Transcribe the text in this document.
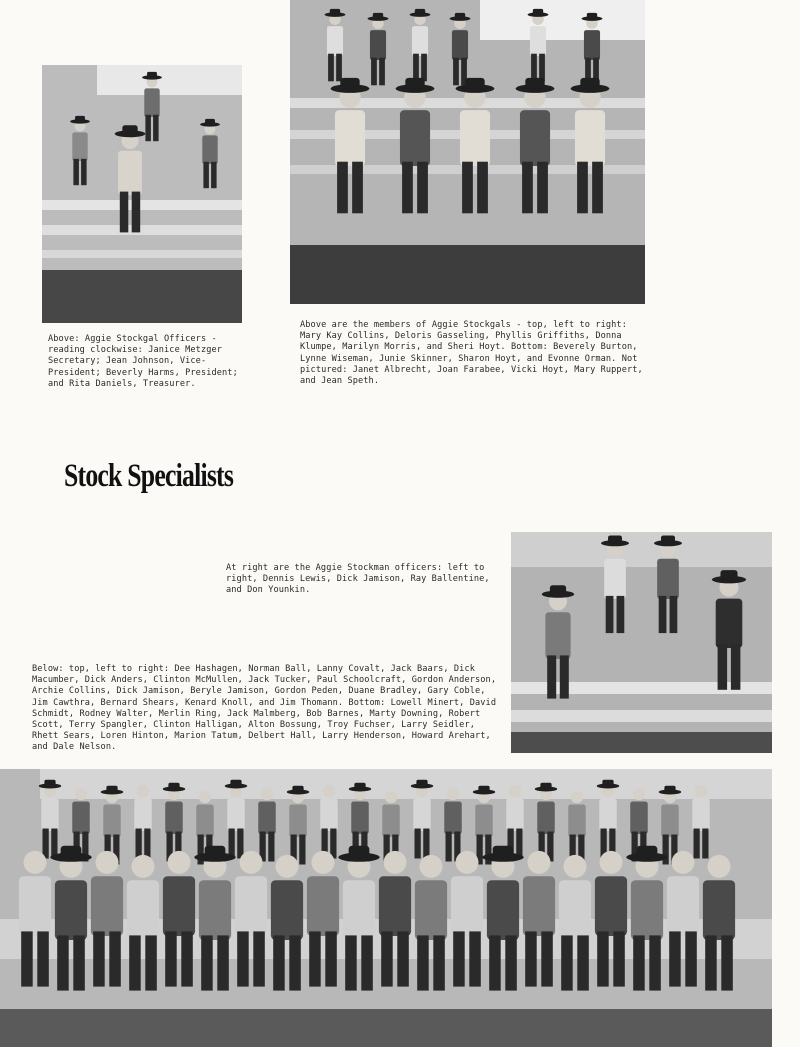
Above: Aggie Stockgal Officers - reading clockwise: Janice Metzger Secretary; Jean Johnson, Vice-President; Beverly Harms, President; and Rita Daniels, Treasurer.

Above are the members of Aggie Stockgals - top, left to right: Mary Kay Collins, Deloris Gasseling, Phyllis Griffiths, Donna Klumpe, Marilyn Morris, and Sheri Hoyt. Bottom: Beverely Burton, Lynne Wiseman, Junie Skinner, Sharon Hoyt, and Evonne Orman. Not pictured: Janet Albrecht, Joan Farabee, Vicki Hoyt, Mary Ruppert, and Jean Speth.

Stock Specialists

At right are the Aggie Stockman officers: left to right, Dennis Lewis, Dick Jamison, Ray Ballentine, and Don Younkin.

Below: top, left to right: Dee Hashagen, Norman Ball, Lanny Covalt, Jack Baars, Dick Macumber, Dick Anders, Clinton McMullen, Jack Tucker, Paul Schoolcraft, Gordon Anderson, Archie Collins, Dick Jamison, Beryle Jamison, Gordon Peden, Duane Bradley, Gary Coble, Jim Cawthra, Bernard Shears, Kenard Knoll, and Jim Thomann. Bottom: Lowell Minert, David Schmidt, Rodney Walter, Merlin Ring, Jack Malmberg, Bob Barnes, Marty Downing, Robert Scott, Terry Spangler, Clinton Halligan, Alton Bossung, Troy Fuchser, Larry Seidler, Rhett Sears, Loren Hinton, Marion Tatum, Delbert Hall, Larry Henderson, Howard Arehart, and Dale Nelson.
